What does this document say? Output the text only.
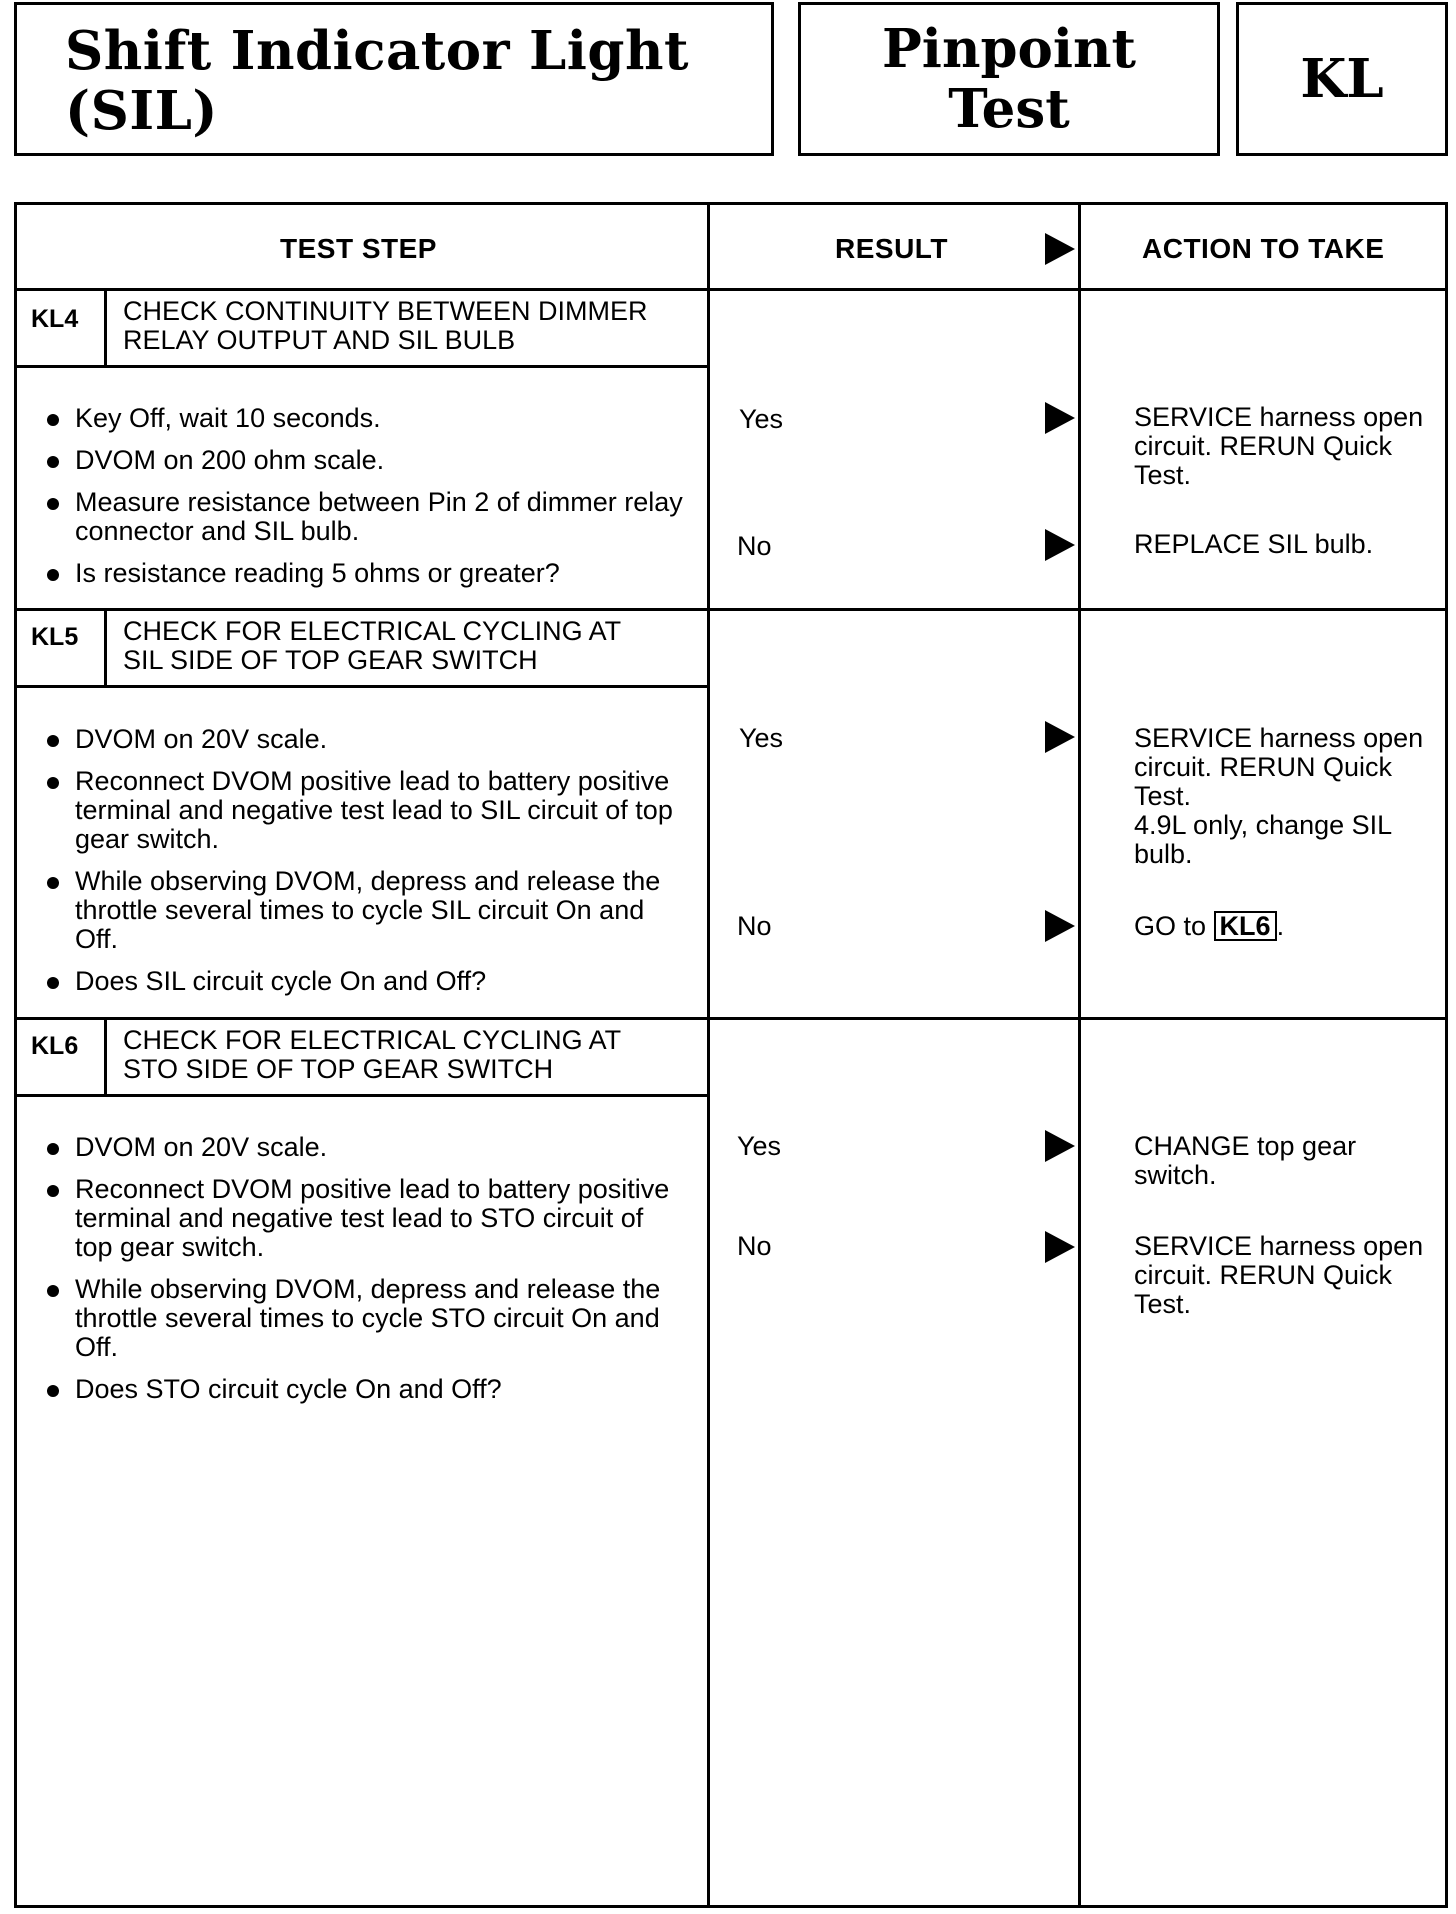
Shift Indicator Light
(SIL)
Pinpoint
Test	KL
TEST STEP	RESULT	ACTION TO TAKE
KL4 CHECK CONTINUITY BETWEEN DIMMER
RELAY OUTPUT AND SIL BULB
Key Off, wait 10 seconds.
DVOM on 200 ohm scale.
Measure resistance between Pin 2 of dimmer relay connector and SIL bulb.
Is resistance reading 5 ohms or greater?
Yes	SERVICE harness open circuit. RERUN Quick Test.
No	REPLACE SIL bulb.
KL5 CHECK FOR ELECTRICAL CYCLING AT
SIL SIDE OF TOP GEAR SWITCH
DVOM on 20V scale.
Reconnect DVOM positive lead to battery positive terminal and negative test lead to SIL circuit of top gear switch.
While observing DVOM, depress and release the throttle several times to cycle SIL circuit On and Off.
Does SIL circuit cycle On and Off?
Yes	SERVICE harness open circuit. RERUN Quick Test.
4.9L only, change SIL bulb.
No	GO to KL6 .
KL6 CHECK FOR ELECTRICAL CYCLING AT
STO SIDE OF TOP GEAR SWITCH
DVOM on 20V scale.
Reconnect DVOM positive lead to battery positive terminal and negative test lead to STO circuit of top gear switch.
While observing DVOM, depress and release the throttle several times to cycle STO circuit On and Off.
Does STO circuit cycle On and Off?
Yes	CHANGE top gear switch.
No	SERVICE harness open circuit. RERUN Quick Test.
